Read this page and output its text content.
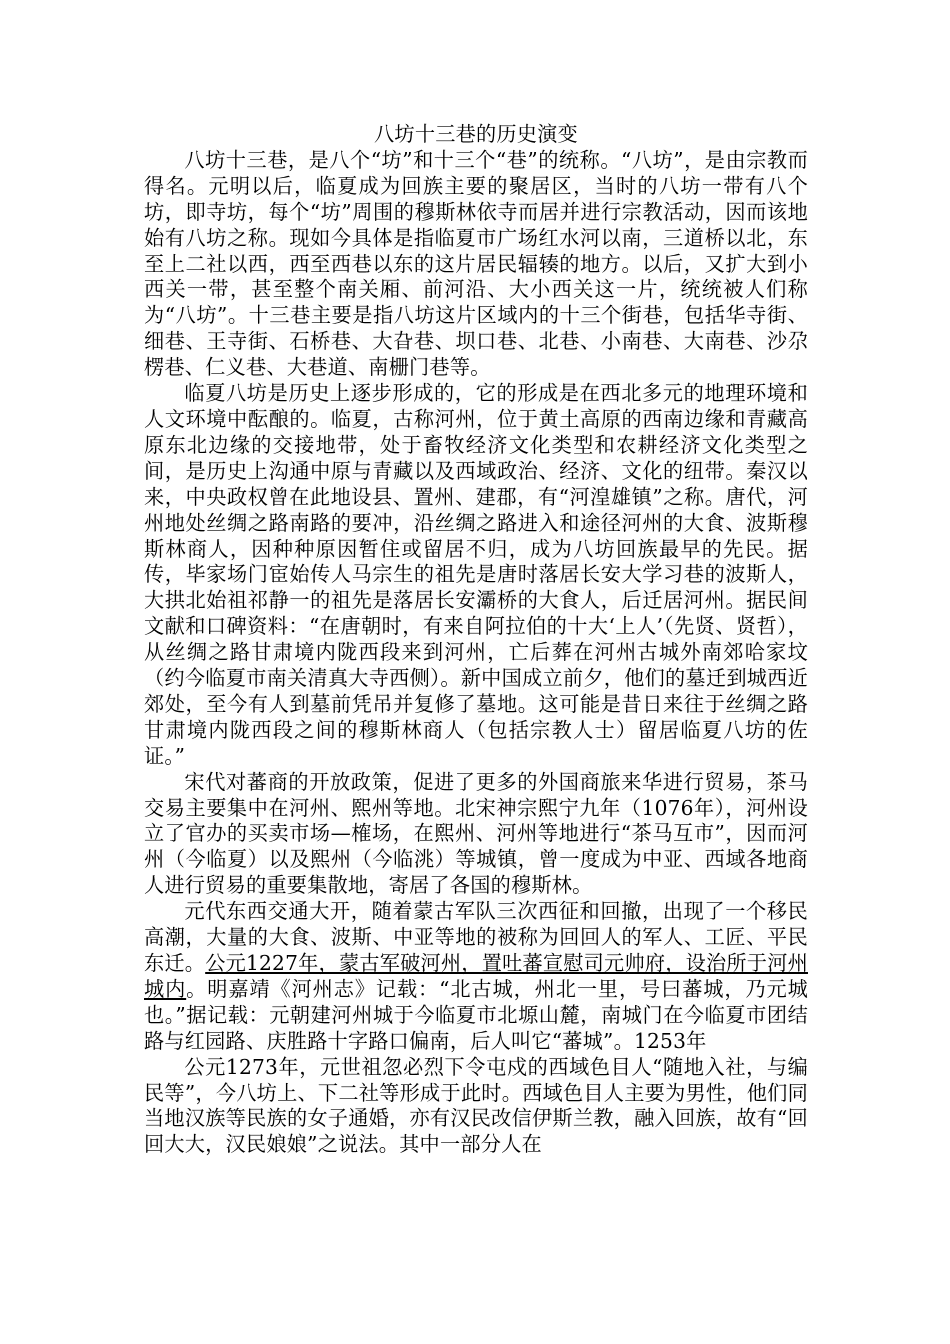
八坊十三巷的历史演变

八坊十三巷，是八个“坊”和十三个“巷”的统称。“八坊”，是由宗教而得名。元明以后，临夏成为回族主要的聚居区，当时的八坊一带有八个坊，即寺坊，每个“坊”周围的穆斯林依寺而居并进行宗教活动，因而该地始有八坊之称。现如今具体是指临夏市广场红水河以南，三道桥以北，东至上二社以西，西至西巷以东的这片居民辐辏的地方。以后，又扩大到小西关一带，甚至整个南关厢、前河沿、大小西关这一片，统统被人们称为“八坊”。十三巷主要是指八坊这片区域内的十三个街巷，包括华寺街、细巷、王寺街、石桥巷、大旮巷、坝口巷、北巷、小南巷、大南巷、沙尕楞巷、仁义巷、大巷道、南栅门巷等。

临夏八坊是历史上逐步形成的，它的形成是在西北多元的地理环境和人文环境中酝酿的。临夏，古称河州，位于黄土高原的西南边缘和青藏高原东北边缘的交接地带，处于畜牧经济文化类型和农耕经济文化类型之间，是历史上沟通中原与青藏以及西域政治、经济、文化的纽带。秦汉以来，中央政权曾在此地设县、置州、建郡，有“河湟雄镇”之称。唐代，河州地处丝绸之路南路的要冲，沿丝绸之路进入和途径河州的大食、波斯穆斯林商人，因种种原因暂住或留居不归，成为八坊回族最早的先民。据传，毕家场门宦始传人马宗生的祖先是唐时落居长安大学习巷的波斯人，大拱北始祖祁静一的祖先是落居长安灞桥的大食人，后迁居河州。据民间文献和口碑资料：“在唐朝时，有来自阿拉伯的十大‘上人’（先贤、贤哲），从丝绸之路甘肃境内陇西段来到河州，亡后葬在河州古城外南郊哈家坟（约今临夏市南关清真大寺西侧）。新中国成立前夕，他们的墓迁到城西近郊处，至今有人到墓前凭吊并复修了墓地。这可能是昔日来往于丝绸之路甘肃境内陇西段之间的穆斯林商人（包括宗教人士）留居临夏八坊的佐证。”

宋代对蕃商的开放政策，促进了更多的外国商旅来华进行贸易，茶马交易主要集中在河州、熙州等地。北宋神宗熙宁九年（1076年），河州设立了官办的买卖市场—榷场，在熙州、河州等地进行“茶马互市”，因而河州（今临夏）以及熙州（今临洮）等城镇，曾一度成为中亚、西域各地商人进行贸易的重要集散地，寄居了各国的穆斯林。

元代东西交通大开，随着蒙古军队三次西征和回撤，出现了一个移民高潮，大量的大食、波斯、中亚等地的被称为回回人的军人、工匠、平民东迁。公元1227年，蒙古军破河州，置吐蕃宣慰司元帅府，设治所于河州城内。明嘉靖《河州志》记载：“北古城，州北一里，号曰蕃城，乃元城也。”据记载：元朝建河州城于今临夏市北塬山麓，南城门在今临夏市团结路与红园路、庆胜路十字路口偏南，后人叫它“蕃城”。1253年

公元1273年，元世祖忽必烈下令屯戍的西域色目人“随地入社，与编民等”，今八坊上、下二社等形成于此时。西域色目人主要为男性，他们同当地汉族等民族的女子通婚，亦有汉民改信伊斯兰教，融入回族，故有“回回大大，汉民娘娘”之说法。其中一部分人在
